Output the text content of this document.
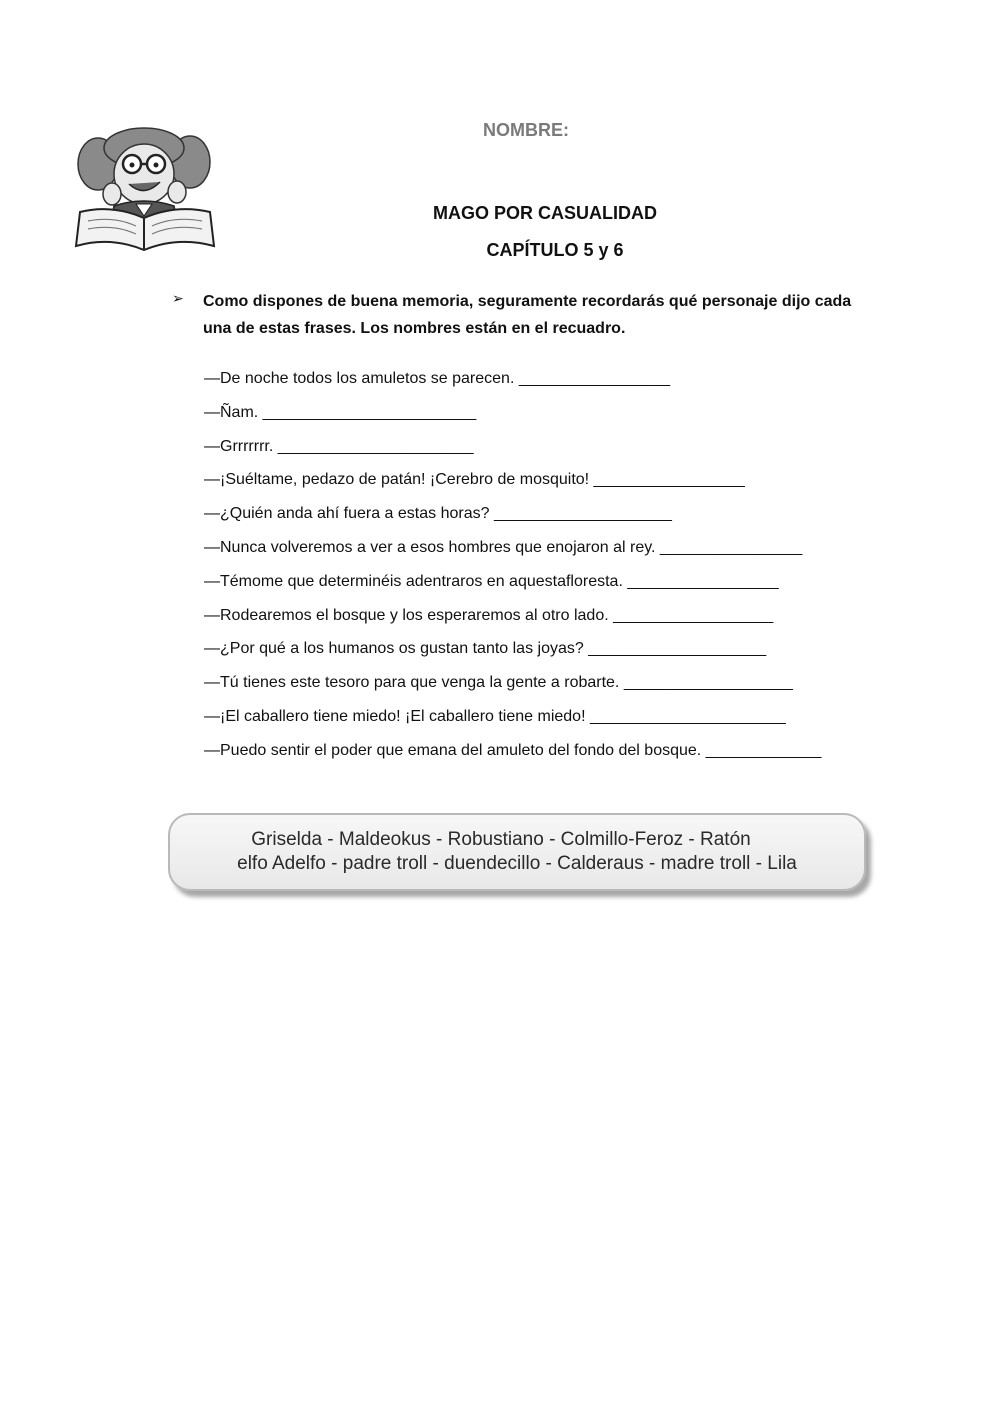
NOMBRE:
MAGO POR CASUALIDAD
CAPÍTULO 5 y 6
➢ Como dispones de buena memoria, seguramente recordarás qué personaje dijo cada una de estas frases. Los nombres están en el recuadro.
—De noche todos los amuletos se parecen. _________________
—Ñam. ________________________
—Grrrrrrr. ______________________
—¡Suéltame, pedazo de patán! ¡Cerebro de mosquito! _________________
—¿Quién anda ahí fuera a estas horas? ____________________
—Nunca volveremos a ver a esos hombres que enojaron al rey. ________________
—Témome que determinéis adentraros en aquestafloresta. _________________
—Rodearemos el bosque y los esperaremos al otro lado. __________________
—¿Por qué a los humanos os gustan tanto las joyas? ____________________
—Tú tienes este tesoro para que venga la gente a robarte. ___________________
—¡El caballero tiene miedo! ¡El caballero tiene miedo! ______________________
—Puedo sentir el poder que emana del amuleto del fondo del bosque. _____________
Griselda - Maldeokus - Robustiano - Colmillo-Feroz - Ratón
elfo Adelfo - padre troll - duendecillo - Calderaus - madre troll - Lila
